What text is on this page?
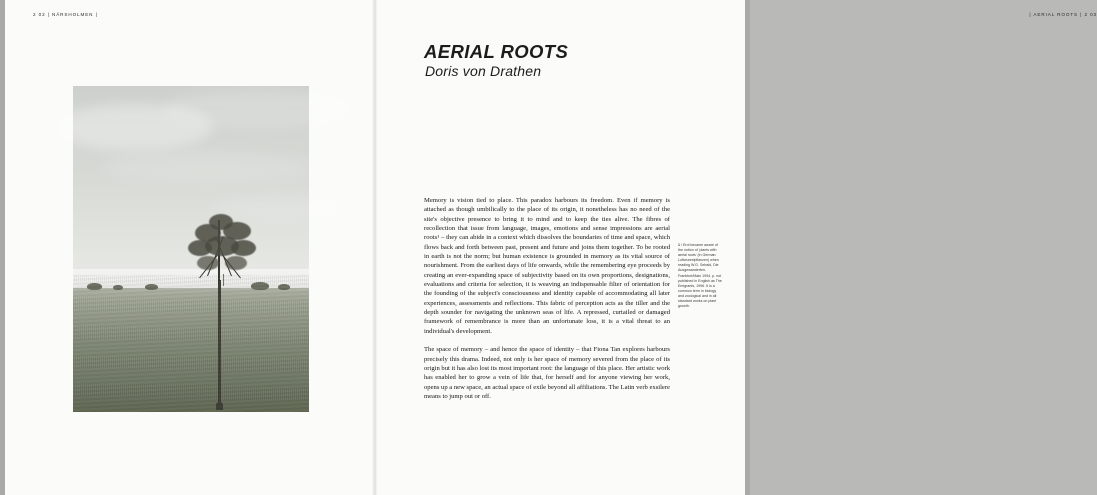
2 02 | NÄRSHOLMEN |	| AERIAL ROOTS | 2 03
AERIAL ROOTS
Doris von Drathen

Memory is vision tied to place. This paradox harbours its freedom. Even if memory is attached as though umbilically to the place of its origin, it nonetheless has no need of the site's objective presence to bring it to mind and to keep the ties alive. The fibres of recollection that issue from language, images, emotions and sense impressions are aerial roots¹ – they can abide in a context which dissolves the boundaries of time and space, which flows back and forth between past, present and future and joins them together. To be rooted in earth is not the norm; but human existence is grounded in memory as its vital source of nourishment. From the earliest days of life onwards, while the remembering eye proceeds by creating an ever-expanding space of subjectivity based on its own proportions, designations, evaluations and criteria for selection, it is weaving an indispensable filter of orientation for the founding of the subject's consciousness and identity capable of accommodating all later experiences, assessments and reflections. This fabric of perception acts as the tiller and the depth sounder for navigating the unknown seas of life. A repressed, curtailed or damaged framework of remembrance is more than an unfortunate loss, it is a vital threat to an individual's development.

The space of memory – and hence the space of identity – that Fiona Tan explores harbours precisely this drama. Indeed, not only is her space of memory severed from the place of its origin but it has also lost its most important root: the language of this place. Her artistic work has enabled her to grow a vein of life that, for herself and for anyone viewing her work, opens up a new space, an actual space of exile beyond all affiliations. The Latin verb exsilere means to jump out or off.

1 / Erol became aware of the notion of 'plants with aerial roots' (in German: Luftwurzelpflanzen) when reading W.G. Sebald, Die Ausgewanderten. Frankfurt/Main 1994, p. not published in English as The Emigrants, 1996. It is a common term in biology and zoological and in all standard works on plant growth.
